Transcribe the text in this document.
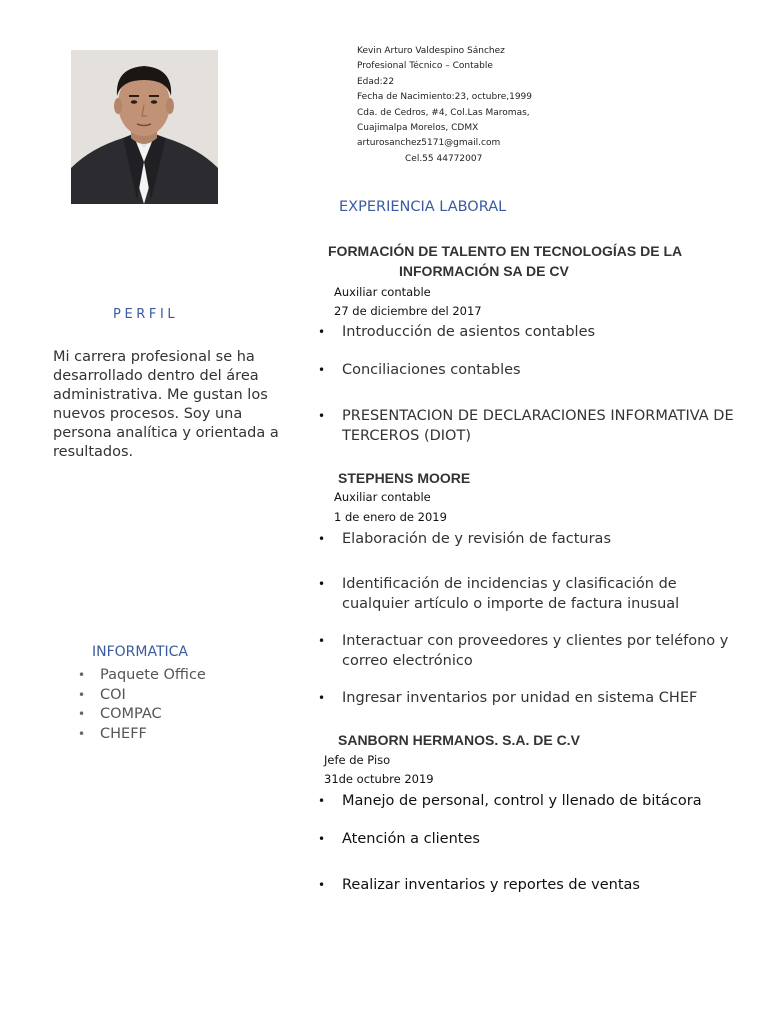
Kevin Arturo Valdespino Sánchez
Profesional Técnico – Contable
Edad:22
Fecha de Nacimiento:23, octubre,1999
Cda. de Cedros, #4, Col.Las Maromas,
Cuajimalpa Morelos, CDMX
arturosanchez5171@gmail.com
Cel.55 44772007
PERFIL
Mi carrera profesional se ha desarrollado dentro del área administrativa. Me gustan los nuevos procesos. Soy una persona analítica y orientada a resultados.
INFORMATICA
• Paquete Office
• COI
• COMPAC
• CHEFF
EXPERIENCIA LABORAL
FORMACIÓN DE TALENTO EN TECNOLOGÍAS DE LA
INFORMACIÓN SA DE CV
Auxiliar contable
27 de diciembre del 2017
• Introducción de asientos contables
• Conciliaciones contables
• PRESENTACION DE DECLARACIONES INFORMATIVA DE TERCEROS (DIOT)
STEPHENS MOORE
Auxiliar contable
1 de enero de 2019
• Elaboración de y revisión de facturas
• Identificación de incidencias y clasificación de cualquier artículo o importe de factura inusual
• Interactuar con proveedores y clientes por teléfono y correo electrónico
• Ingresar inventarios por unidad en sistema CHEF
SANBORN HERMANOS. S.A. DE C.V
Jefe de Piso
31de octubre 2019
• Manejo de personal, control y llenado de bitácora
• Atención a clientes
• Realizar inventarios y reportes de ventas
